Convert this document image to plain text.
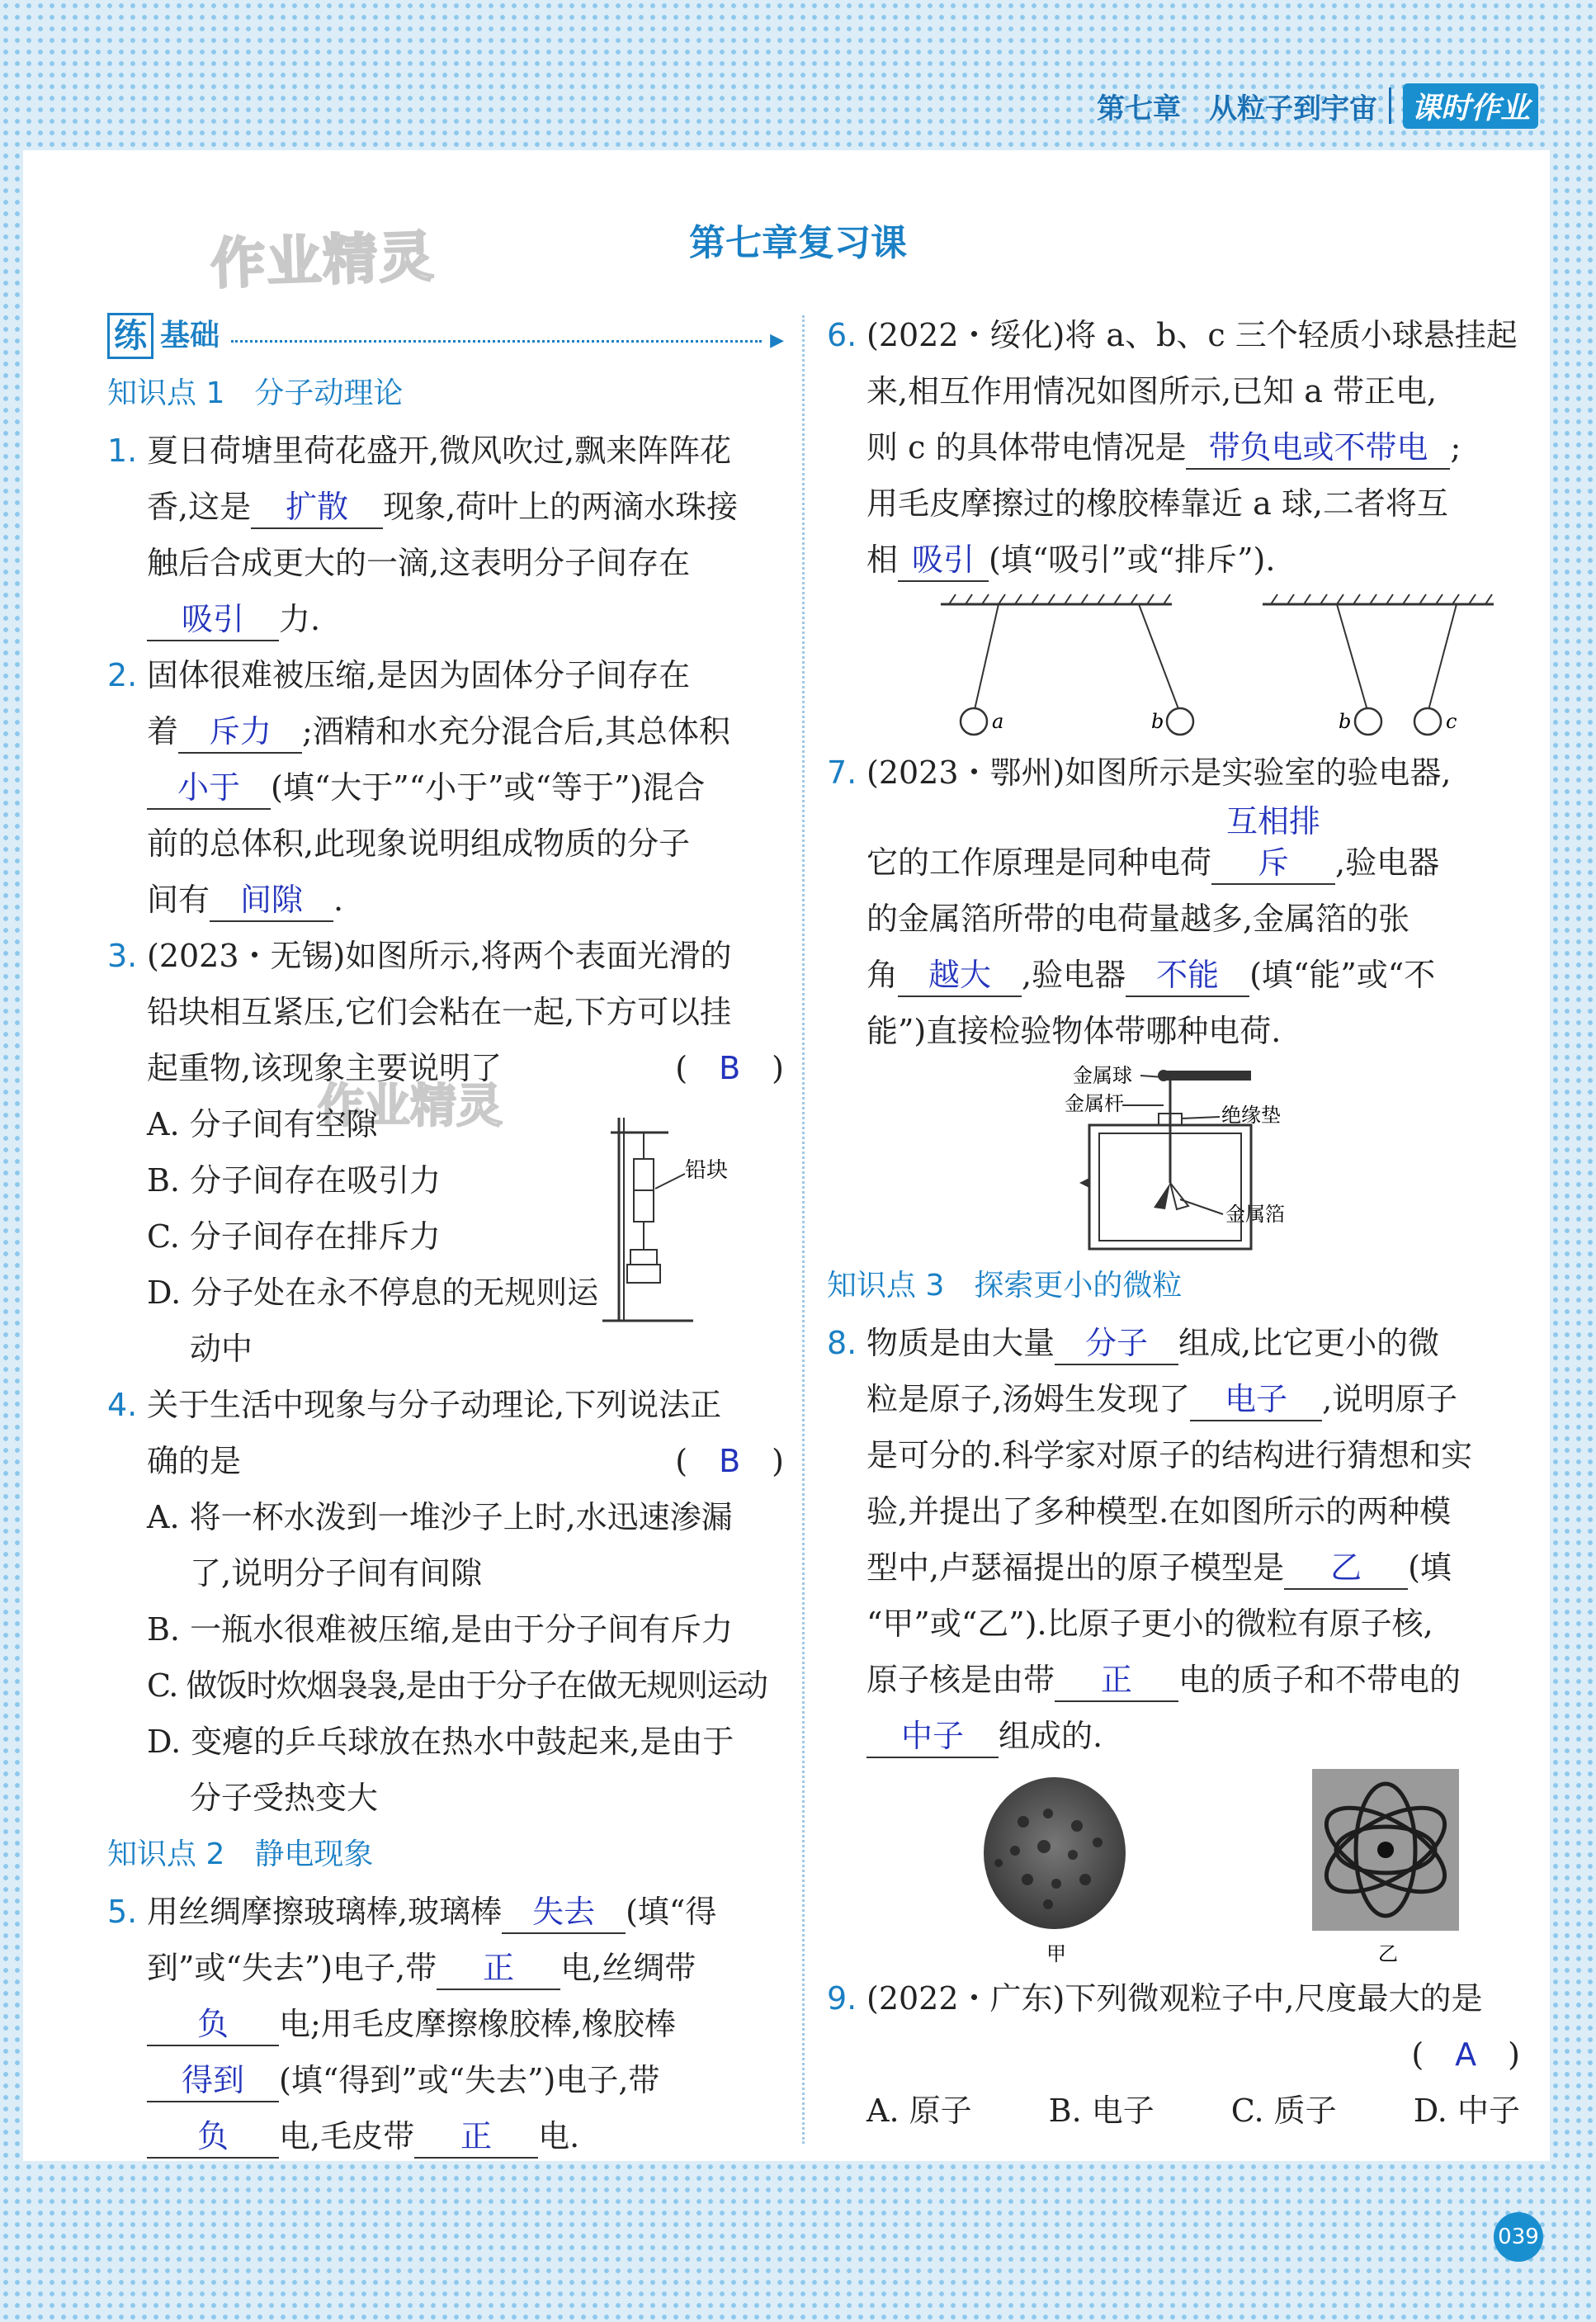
第七章 从粒子到宇宙 课时作业
作业精灵
作业精灵
第七章复习课
练 基础	▶
知识点 1　分子动理论
1. 夏日荷塘里荷花盛开,微风吹过,飘来阵阵花
香,这是 扩散 现象,荷叶上的两滴水珠接
触后合成更大的一滴,这表明分子间存在
吸引 力.
2. 固体很难被压缩,是因为固体分子间存在
着 斥力 ;酒精和水充分混合后,其总体积
小于 (填“大于”“小于”或“等于”)混合
前的总体积,此现象说明组成物质的分子
间有 间隙 .
3. (2023・无锡)如图所示,将两个表面光滑的
铅块相互紧压,它们会粘在一起,下方可以挂
起重物,该现象主要说明了	(　B　)
A. 分子间有空隙
B. 分子间存在吸引力
C. 分子间存在排斥力
D. 分子处在永不停息的无规则运
动中
铅块
4. 关于生活中现象与分子动理论,下列说法正
确的是	(　B　)
A. 将一杯水泼到一堆沙子上时,水迅速渗漏
了,说明分子间有间隙
B. 一瓶水很难被压缩,是由于分子间有斥力
C. 做饭时炊烟袅袅,是由于分子在做无规则运动
D. 变瘪的乒乓球放在热水中鼓起来,是由于
分子受热变大
知识点 2　静电现象
5. 用丝绸摩擦玻璃棒,玻璃棒 失去 (填“得
到”或“失去”)电子,带 正 电,丝绸带
负 电;用毛皮摩擦橡胶棒,橡胶棒
得到 (填“得到”或“失去”)电子,带
负 电,毛皮带 正 电.
6. (2022・绥化)将 a、b、c 三个轻质小球悬挂起
来,相互作用情况如图所示,已知 a 带正电,
则 c 的具体带电情况是 带负电或不带电 ;
用毛皮摩擦过的橡胶棒靠近 a 球,二者将互
相 吸引 (填“吸引”或“排斥”).
a	b	b	c
7. (2023・鄂州)如图所示是实验室的验电器,
它的工作原理是同种电荷互相排斥 ,验电器
的金属箔所带的电荷量越多,金属箔的张
角 越大 ,验电器 不能 (填“能”或“不
能”)直接检验物体带哪种电荷.
金属球
金属杆	绝缘垫
金属箔
知识点 3　探索更小的微粒
8. 物质是由大量 分子 组成,比它更小的微
粒是原子,汤姆生发现了 电子 ,说明原子
是可分的.科学家对原子的结构进行猜想和实
验,并提出了多种模型.在如图所示的两种模
型中,卢瑟福提出的原子模型是 乙 (填
“甲”或“乙”).比原子更小的微粒有原子核,
原子核是由带 正 电的质子和不带电的
中子 组成的.
甲	乙
9. (2022・广东)下列微观粒子中,尺度最大的是
(　A　)
A. 原子 B. 电子 C. 质子 D. 中子
039
